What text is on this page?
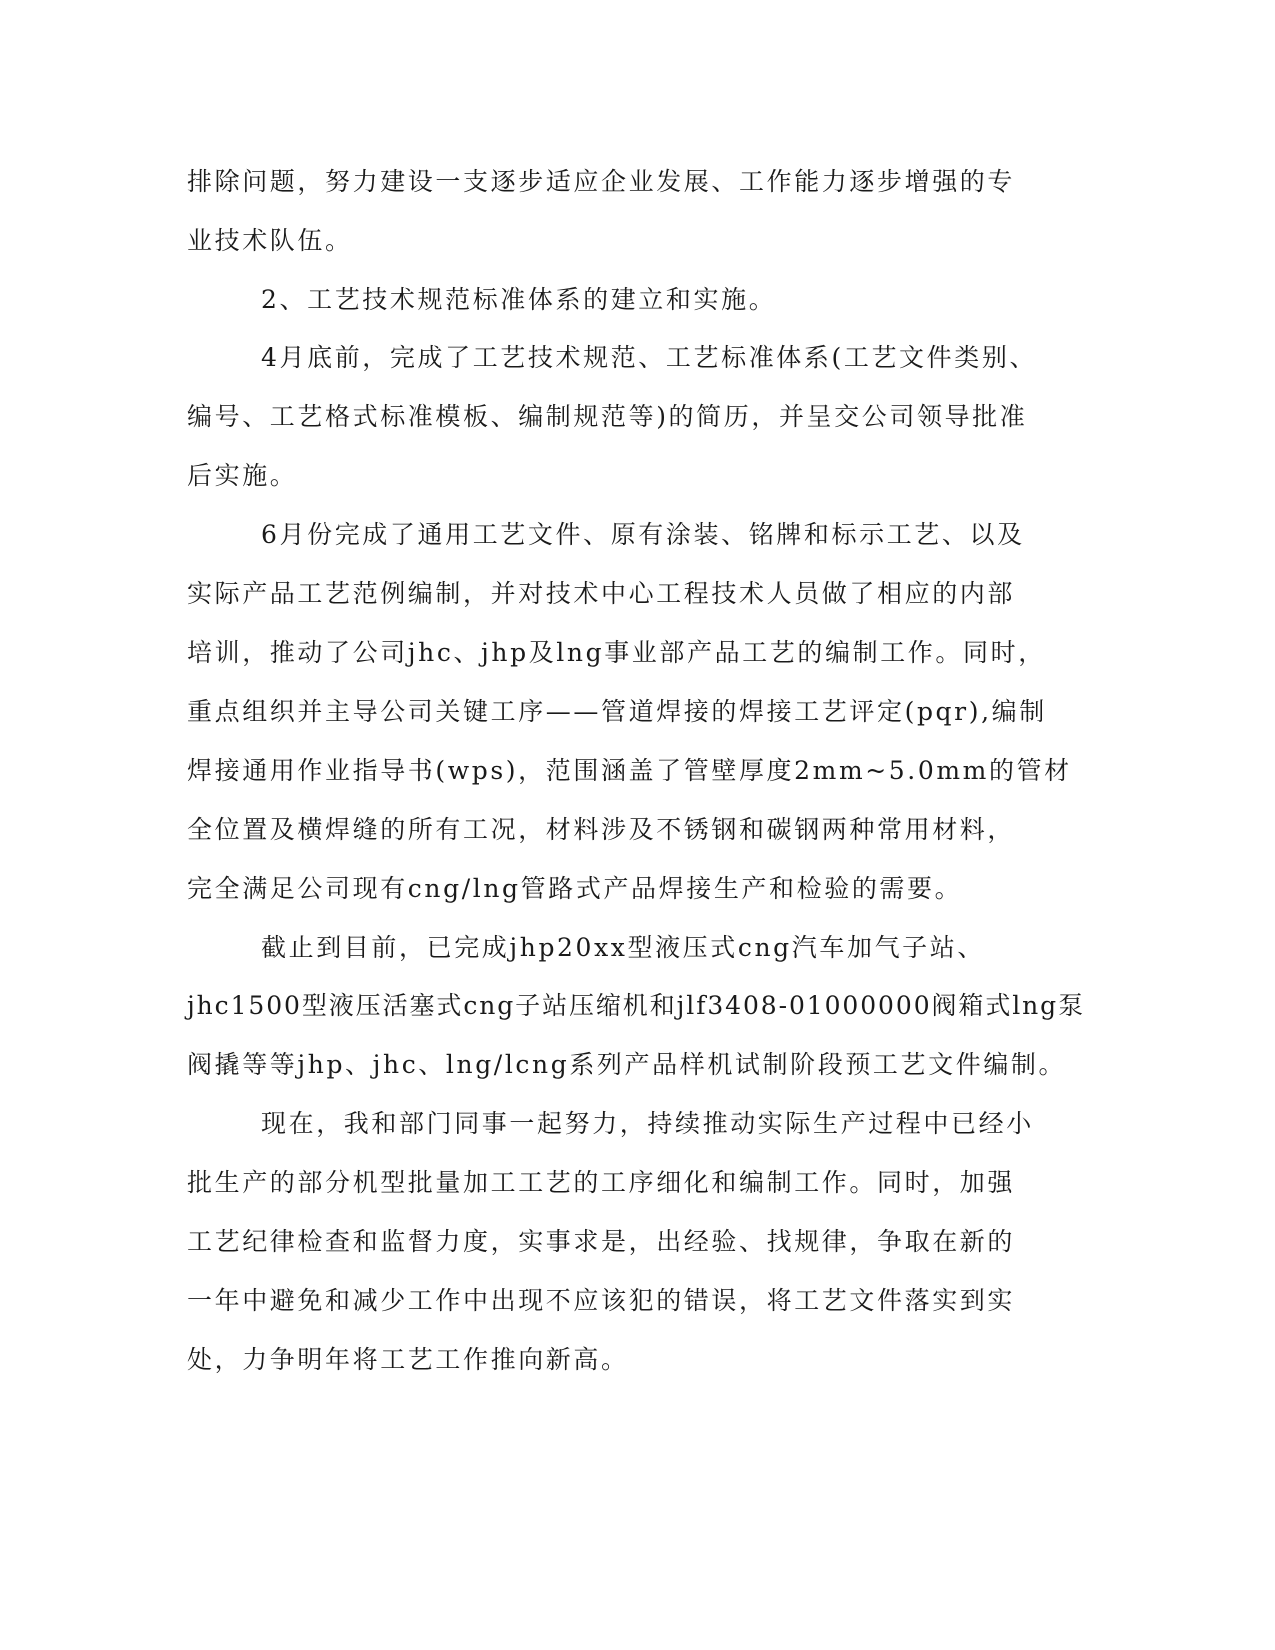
排除问题，努力建设一支逐步适应企业发展、工作能力逐步增强的专
业技术队伍。
2、工艺技术规范标准体系的建立和实施。
4月底前，完成了工艺技术规范、工艺标准体系(工艺文件类别、
编号、工艺格式标准模板、编制规范等)的简历，并呈交公司领导批准
后实施。
6月份完成了通用工艺文件、原有涂装、铭牌和标示工艺、以及
实际产品工艺范例编制，并对技术中心工程技术人员做了相应的内部
培训，推动了公司jhc、jhp及lng事业部产品工艺的编制工作。同时，
重点组织并主导公司关键工序——管道焊接的焊接工艺评定(pqr),编制
焊接通用作业指导书(wps)，范围涵盖了管壁厚度2mm~5.0mm的管材
全位置及横焊缝的所有工况，材料涉及不锈钢和碳钢两种常用材料，
完全满足公司现有cng/lng管路式产品焊接生产和检验的需要。
截止到目前，已完成jhp20xx型液压式cng汽车加气子站、
jhc1500型液压活塞式cng子站压缩机和jlf3408-01000000阀箱式lng泵
阀撬等等jhp、jhc、lng/lcng系列产品样机试制阶段预工艺文件编制。
现在，我和部门同事一起努力，持续推动实际生产过程中已经小
批生产的部分机型批量加工工艺的工序细化和编制工作。同时，加强
工艺纪律检查和监督力度，实事求是，出经验、找规律，争取在新的
一年中避免和减少工作中出现不应该犯的错误，将工艺文件落实到实
处，力争明年将工艺工作推向新高。
